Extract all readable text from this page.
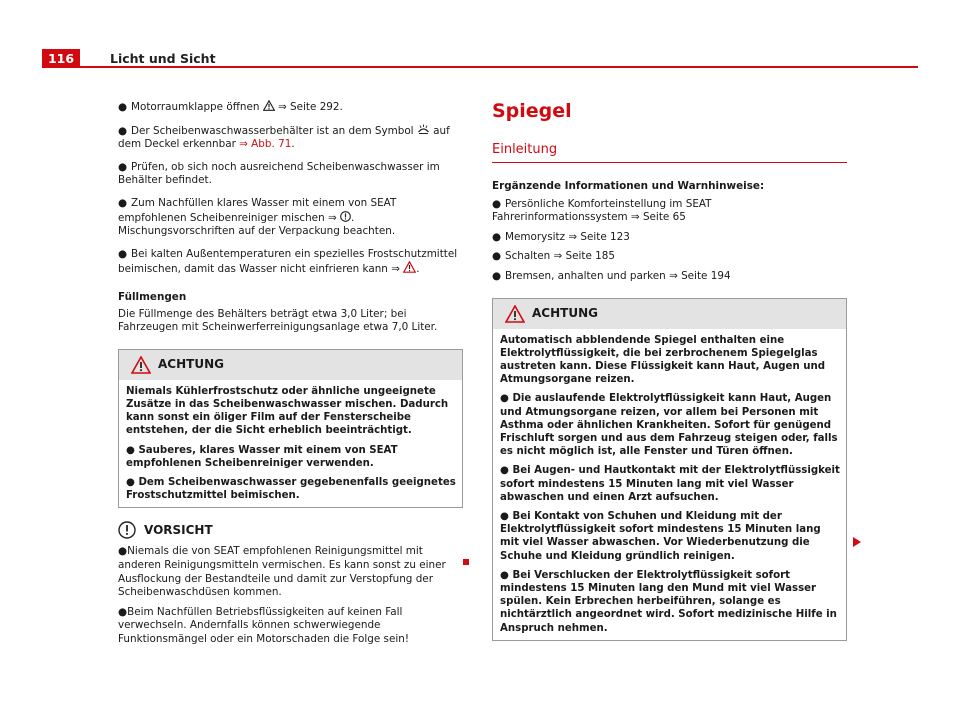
116	Licht und Sicht
● Motorraumklappe öffnen  ⇒ Seite 292.
● Der Scheibenwaschwasserbehälter ist an dem Symbol  auf dem Deckel erkennbar ⇒ Abb. 71.
● Prüfen, ob sich noch ausreichend Scheibenwaschwasser im Behälter befindet.
● Zum Nachfüllen klares Wasser mit einem von SEAT empfohlenen Scheibenreiniger mischen ⇒ . Mischungsvorschriften auf der Verpackung beachten.
● Bei kalten Außentemperaturen ein spezielles Frostschutzmittel beimischen, damit das Wasser nicht einfrieren kann ⇒ .

Füllmengen

Die Füllmenge des Behälters beträgt etwa 3,0 Liter; bei Fahrzeugen mit Scheinwerferreinigungsanlage etwa 7,0 Liter.

ACHTUNG

Niemals Kühlerfrostschutz oder ähnliche ungeeignete Zusätze in das Scheibenwaschwasser mischen. Dadurch kann sonst ein öliger Film auf der Fensterscheibe entstehen, der die Sicht erheblich beeinträchtigt.

● Sauberes, klares Wasser mit einem von SEAT empfohlenen Scheibenreiniger verwenden.

● Dem Scheibenwaschwasser gegebenenfalls geeignetes Frostschutzmittel beimischen.

VORSICHT

●Niemals die von SEAT empfohlenen Reinigungsmittel mit anderen Reinigungsmitteln vermischen. Es kann sonst zu einer Ausflockung der Bestandteile und damit zur Verstopfung der Scheibenwaschdüsen kommen.

●Beim Nachfüllen Betriebsflüssigkeiten auf keinen Fall verwechseln. Andernfalls können schwerwiegende Funktionsmängel oder ein Motorschaden die Folge sein!

Spiegel
Einleitung

Ergänzende Informationen und Warnhinweise:

● Persönliche Komforteinstellung im SEAT Fahrerinformationssystem ⇒ Seite 65
● Memorysitz ⇒ Seite 123
● Schalten ⇒ Seite 185
● Bremsen, anhalten und parken ⇒ Seite 194
ACHTUNG

Automatisch abblendende Spiegel enthalten eine Elektrolytflüssigkeit, die bei zerbrochenem Spiegelglas austreten kann. Diese Flüssigkeit kann Haut, Augen und Atmungsorgane reizen.

● Die auslaufende Elektrolytflüssigkeit kann Haut, Augen und Atmungsorgane reizen, vor allem bei Personen mit Asthma oder ähnlichen Krankheiten. Sofort für genügend Frischluft sorgen und aus dem Fahrzeug steigen oder, falls es nicht möglich ist, alle Fenster und Türen öffnen.

● Bei Augen- und Hautkontakt mit der Elektrolytflüssigkeit sofort mindestens 15 Minuten lang mit viel Wasser abwaschen und einen Arzt aufsuchen.

● Bei Kontakt von Schuhen und Kleidung mit der Elektrolytflüssigkeit sofort mindestens 15 Minuten lang mit viel Wasser abwaschen. Vor Wiederbenutzung die Schuhe und Kleidung gründlich reinigen.

● Bei Verschlucken der Elektrolytflüssigkeit sofort mindestens 15 Minuten lang den Mund mit viel Wasser spülen. Kein Erbrechen herbeiführen, solange es nichtärztlich angeordnet wird. Sofort medizinische Hilfe in Anspruch nehmen.
